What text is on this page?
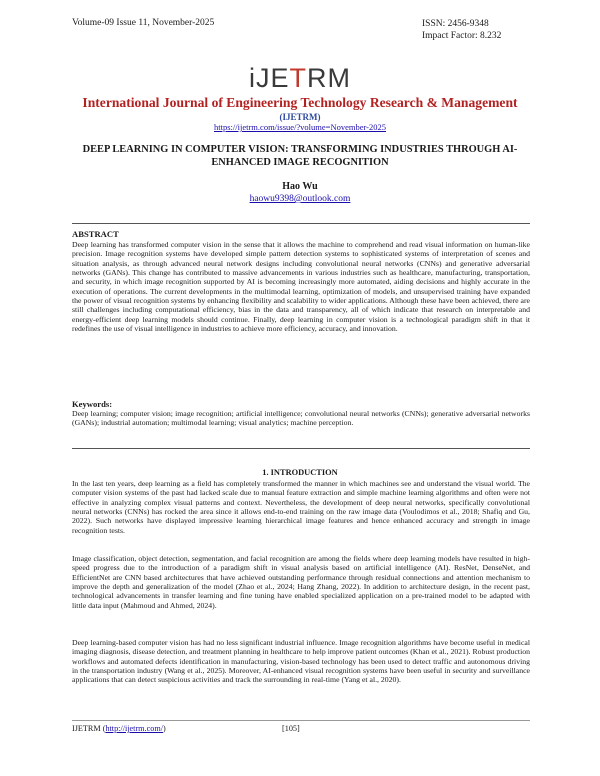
Volume-09 Issue 11, November-2025	ISSN: 2456-9348
Impact Factor: 8.232
iJETRM
International Journal of Engineering Technology Research & Management
(IJETRM)
https://ijetrm.com/issue/?volume=November-2025
DEEP LEARNING IN COMPUTER VISION: TRANSFORMING INDUSTRIES THROUGH AI-ENHANCED IMAGE RECOGNITION
Hao Wu
haowu9398@outlook.com
ABSTRACT

Deep learning has transformed computer vision in the sense that it allows the machine to comprehend and read visual information on human-like precision. Image recognition systems have developed simple pattern detection systems to sophisticated systems of interpretation of scenes and situation analysis, as through advanced neural network designs including convolutional neural networks (CNNs) and generative adversarial networks (GANs). This change has contributed to massive advancements in various industries such as healthcare, manufacturing, transportation, and security, in which image recognition supported by AI is becoming increasingly more automated, aiding decisions and highly accurate in the execution of operations. The current developments in the multimodal learning, optimization of models, and unsupervised training have expanded the power of visual recognition systems by enhancing flexibility and scalability to wider applications. Although these have been achieved, there are still challenges including computational efficiency, bias in the data and transparency, all of which indicate that research on interpretable and energy-efficient deep learning models should continue. Finally, deep learning in computer vision is a technological paradigm shift in that it redefines the use of visual intelligence in industries to achieve more efficiency, accuracy, and innovation.

Keywords:

Deep learning; computer vision; image recognition; artificial intelligence; convolutional neural networks (CNNs); generative adversarial networks (GANs); industrial automation; multimodal learning; visual analytics; machine perception.

1. INTRODUCTION

In the last ten years, deep learning as a field has completely transformed the manner in which machines see and understand the visual world. The computer vision systems of the past had lacked scale due to manual feature extraction and simple machine learning algorithms and often were not effective in analyzing complex visual patterns and context. Nevertheless, the development of deep neural networks, specifically convolutional neural networks (CNNs) has rocked the area since it allows end-to-end training on the raw image data (Voulodimos et al., 2018; Shafiq and Gu, 2022). Such networks have displayed impressive learning hierarchical image features and hence enhanced accuracy and strength in image recognition tests.

Image classification, object detection, segmentation, and facial recognition are among the fields where deep learning models have resulted in high-speed progress due to the introduction of a paradigm shift in visual analysis based on artificial intelligence (AI). ResNet, DenseNet, and EfficientNet are CNN based architectures that have achieved outstanding performance through residual connections and attention mechanism to improve the depth and generalization of the model (Zhao et al., 2024; Hang Zhang, 2022). In addition to architecture design, in the recent past, technological advancements in transfer learning and fine tuning have enabled specialized application on a pre-trained model to be adapted with little data input (Mahmoud and Ahmed, 2024).

Deep learning-based computer vision has had no less significant industrial influence. Image recognition algorithms have become useful in medical imaging diagnosis, disease detection, and treatment planning in healthcare to help improve patient outcomes (Khan et al., 2021). Robust production workflows and automated defects identification in manufacturing, vision-based technology has been used to detect traffic and autonomous driving in the transportation industry (Wang et al., 2025). Moreover, AI-enhanced visual recognition systems have been useful in security and surveillance applications that can detect suspicious activities and track the surrounding in real-time (Yang et al., 2020).

IJETRM (http://ijetrm.com/)	[105]
